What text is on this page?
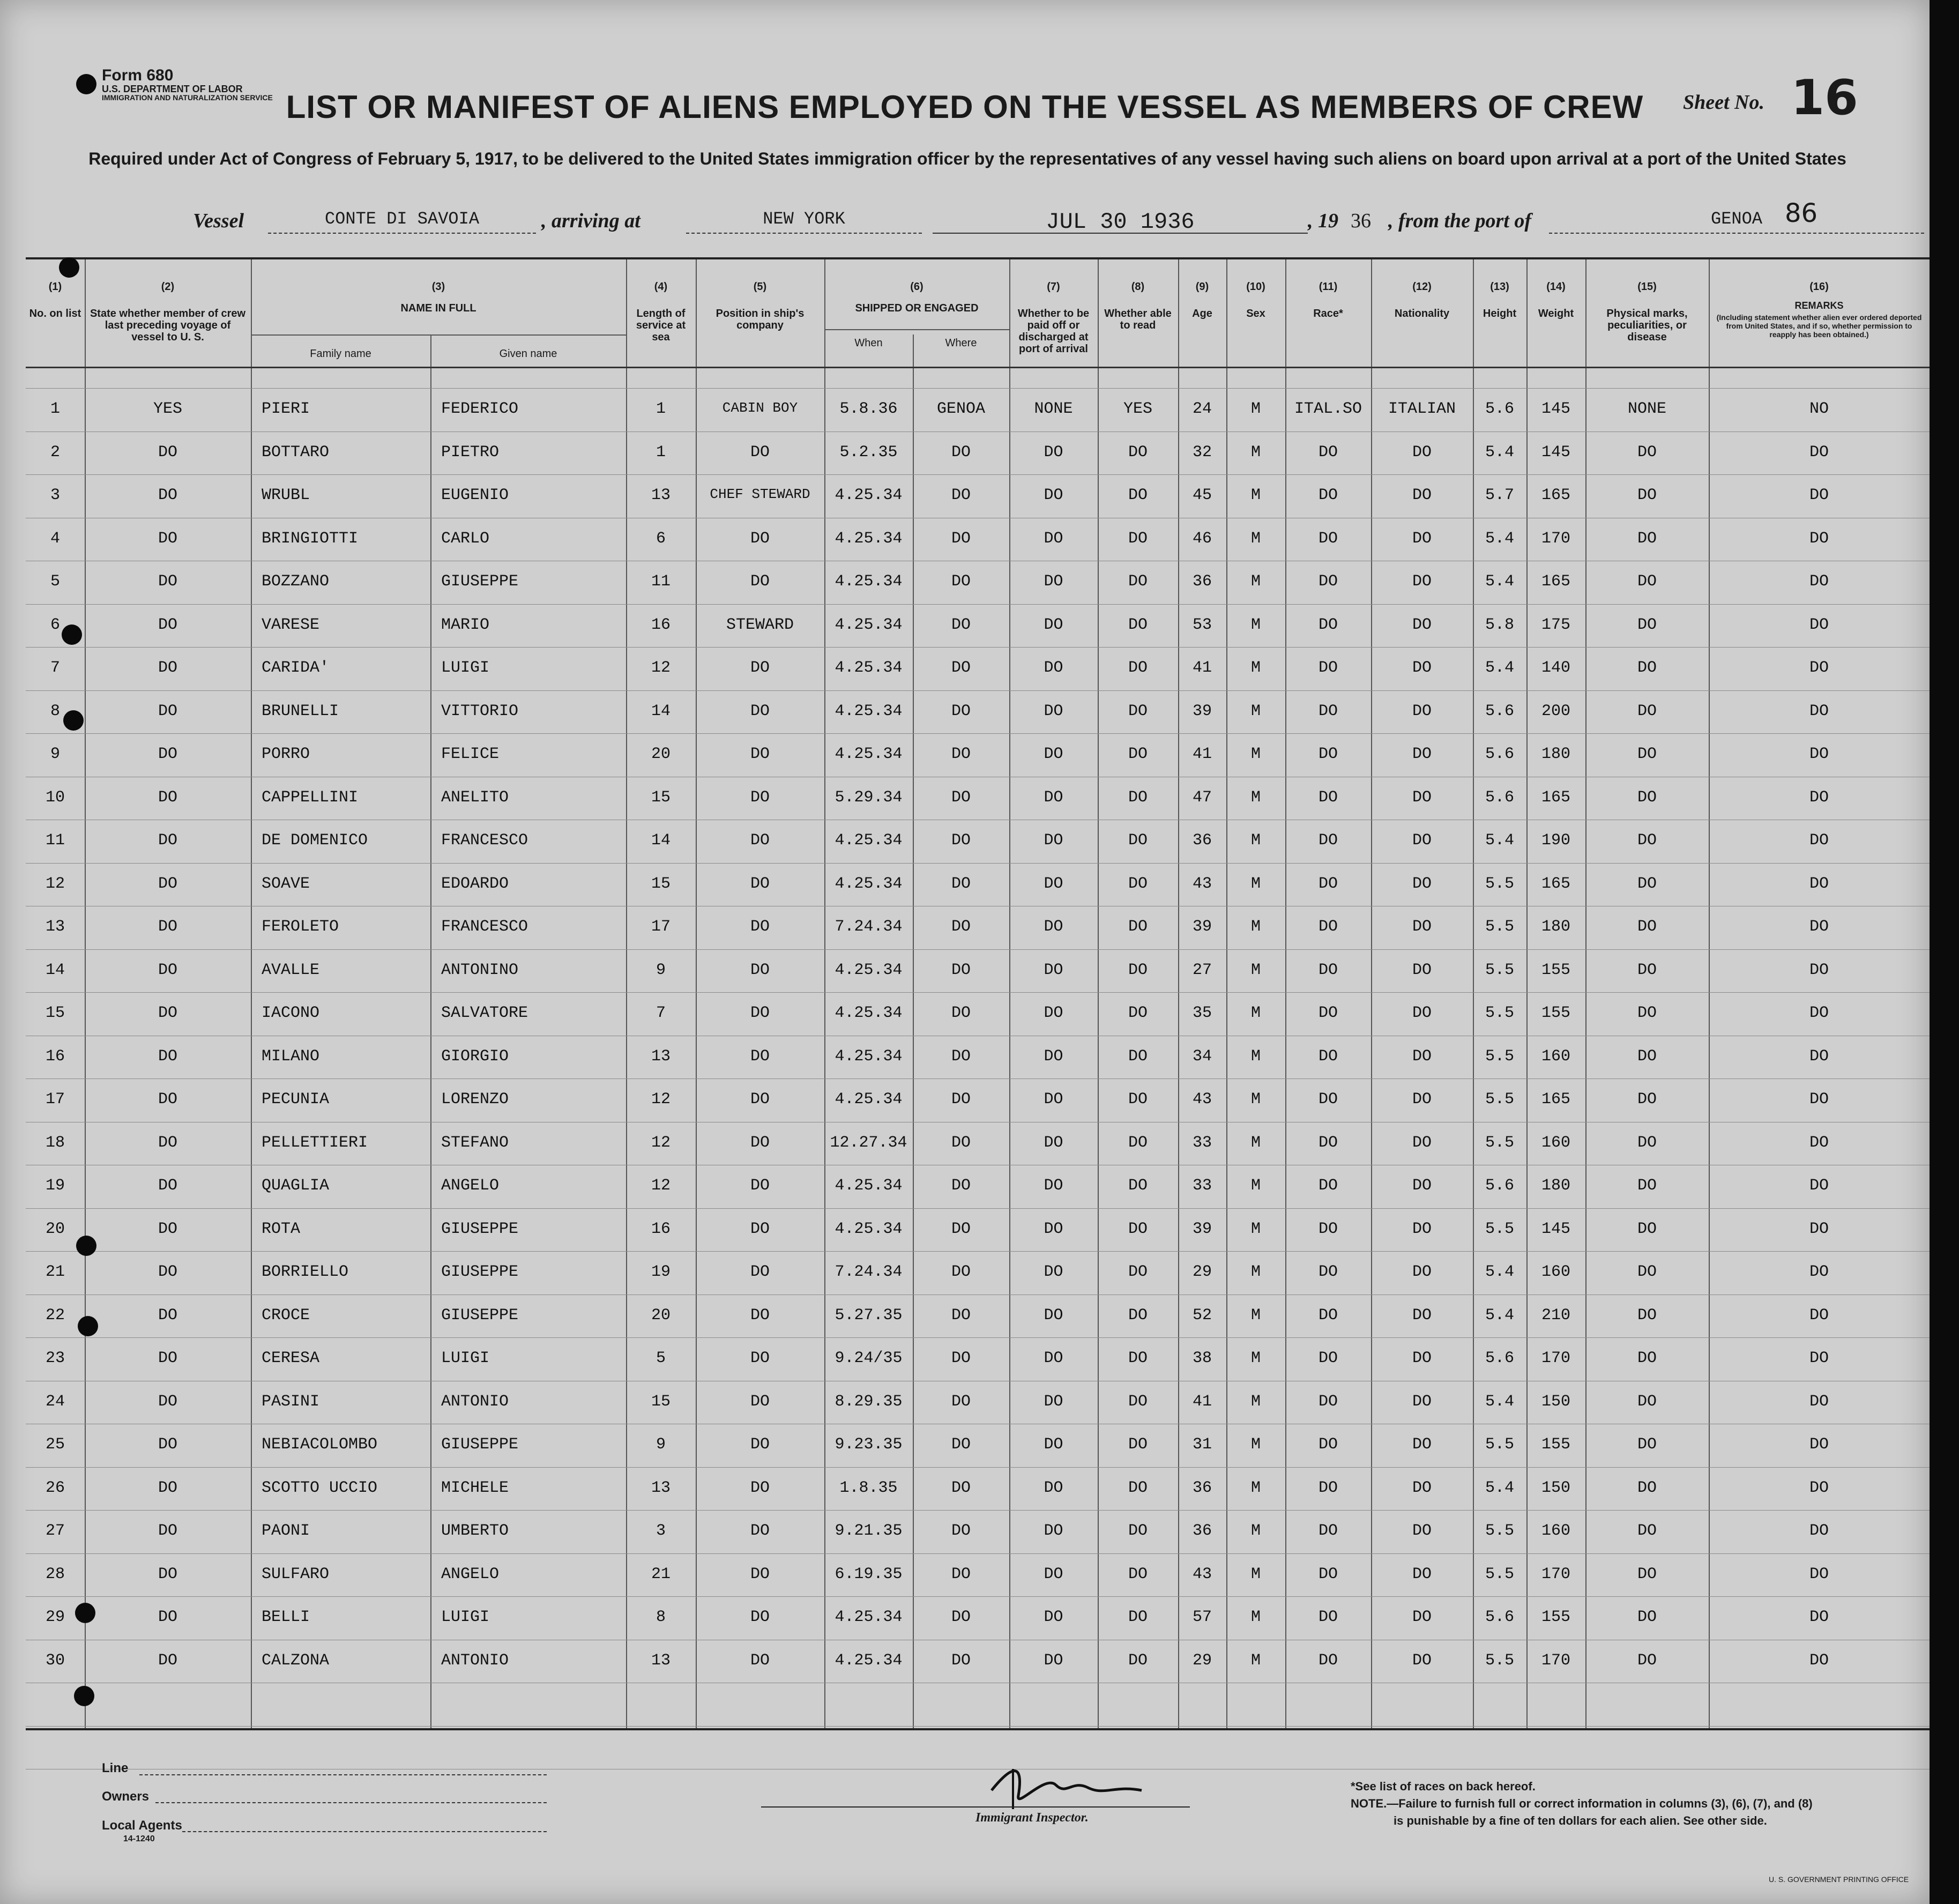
Form 680
U.S. DEPARTMENT OF LABOR
IMMIGRATION AND NATURALIZATION SERVICE	Sheet No. 16
LIST OR MANIFEST OF ALIENS EMPLOYED ON THE VESSEL AS MEMBERS OF CREW
Required under Act of Congress of February 5, 1917, to be delivered to the United States immigration officer by the representatives of any vessel having such aliens on board upon arrival at a port of the United States
Vessel	CONTE DI SAVOIA	, arriving at	NEW YORK	JUL 30 1936	, 19 36 , from the port of	GENOA 86
(1)
No. on list
(2)
State whether member of crew last preceding voyage of vessel to U. S.
(3)
NAME IN FULL
(4)
Length of service at sea
(5)
Position in ship's company
(6)
SHIPPED OR ENGAGED
(7)
Whether to be paid off or discharged at port of arrival
(8)
Whether able to read
(9)
Age
(10)
Sex
(11)
Race*
(12)
Nationality
(13)
Height
(14)
Weight
(15)
Physical marks, peculiarities, or disease
(16)
REMARKS
(Including statement whether alien ever ordered deported from United States, and if so, whether permission to reapply has been obtained.)
Family name	Given name
When	Where
1	YES	PIERI	FEDERICO	1	CABIN BOY	5.8.36	GENOA	NONE	YES	24	M	ITAL.SO	ITALIAN	5.6	145	NONE	NO
2	DO	BOTTARO	PIETRO	1	DO	5.2.35	DO	DO	DO	32	M	DO	DO	5.4	145	DO	DO
3	DO	WRUBL	EUGENIO	13	CHEF STEWARD	4.25.34	DO	DO	DO	45	M	DO	DO	5.7	165	DO	DO
4	DO	BRINGIOTTI	CARLO	6	DO	4.25.34	DO	DO	DO	46	M	DO	DO	5.4	170	DO	DO
5	DO	BOZZANO	GIUSEPPE	11	DO	4.25.34	DO	DO	DO	36	M	DO	DO	5.4	165	DO	DO
6	DO	VARESE	MARIO	16	STEWARD	4.25.34	DO	DO	DO	53	M	DO	DO	5.8	175	DO	DO
7	DO	CARIDA'	LUIGI	12	DO	4.25.34	DO	DO	DO	41	M	DO	DO	5.4	140	DO	DO
8	DO	BRUNELLI	VITTORIO	14	DO	4.25.34	DO	DO	DO	39	M	DO	DO	5.6	200	DO	DO
9	DO	PORRO	FELICE	20	DO	4.25.34	DO	DO	DO	41	M	DO	DO	5.6	180	DO	DO
10	DO	CAPPELLINI	ANELITO	15	DO	5.29.34	DO	DO	DO	47	M	DO	DO	5.6	165	DO	DO
11	DO	DE DOMENICO	FRANCESCO	14	DO	4.25.34	DO	DO	DO	36	M	DO	DO	5.4	190	DO	DO
12	DO	SOAVE	EDOARDO	15	DO	4.25.34	DO	DO	DO	43	M	DO	DO	5.5	165	DO	DO
13	DO	FEROLETO	FRANCESCO	17	DO	7.24.34	DO	DO	DO	39	M	DO	DO	5.5	180	DO	DO
14	DO	AVALLE	ANTONINO	9	DO	4.25.34	DO	DO	DO	27	M	DO	DO	5.5	155	DO	DO
15	DO	IACONO	SALVATORE	7	DO	4.25.34	DO	DO	DO	35	M	DO	DO	5.5	155	DO	DO
16	DO	MILANO	GIORGIO	13	DO	4.25.34	DO	DO	DO	34	M	DO	DO	5.5	160	DO	DO
17	DO	PECUNIA	LORENZO	12	DO	4.25.34	DO	DO	DO	43	M	DO	DO	5.5	165	DO	DO
18	DO	PELLETTIERI	STEFANO	12	DO	12.27.34	DO	DO	DO	33	M	DO	DO	5.5	160	DO	DO
19	DO	QUAGLIA	ANGELO	12	DO	4.25.34	DO	DO	DO	33	M	DO	DO	5.6	180	DO	DO
20	DO	ROTA	GIUSEPPE	16	DO	4.25.34	DO	DO	DO	39	M	DO	DO	5.5	145	DO	DO
21	DO	BORRIELLO	GIUSEPPE	19	DO	7.24.34	DO	DO	DO	29	M	DO	DO	5.4	160	DO	DO
22	DO	CROCE	GIUSEPPE	20	DO	5.27.35	DO	DO	DO	52	M	DO	DO	5.4	210	DO	DO
23	DO	CERESA	LUIGI	5	DO	9.24/35	DO	DO	DO	38	M	DO	DO	5.6	170	DO	DO
24	DO	PASINI	ANTONIO	15	DO	8.29.35	DO	DO	DO	41	M	DO	DO	5.4	150	DO	DO
25	DO	NEBIACOLOMBO	GIUSEPPE	9	DO	9.23.35	DO	DO	DO	31	M	DO	DO	5.5	155	DO	DO
26	DO	SCOTTO UCCIO	MICHELE	13	DO	1.8.35	DO	DO	DO	36	M	DO	DO	5.4	150	DO	DO
27	DO	PAONI	UMBERTO	3	DO	9.21.35	DO	DO	DO	36	M	DO	DO	5.5	160	DO	DO
28	DO	SULFARO	ANGELO	21	DO	6.19.35	DO	DO	DO	43	M	DO	DO	5.5	170	DO	DO
29	DO	BELLI	LUIGI	8	DO	4.25.34	DO	DO	DO	57	M	DO	DO	5.6	155	DO	DO
30	DO	CALZONA	ANTONIO	13	DO	4.25.34	DO	DO	DO	29	M	DO	DO	5.5	170	DO	DO
Line
Owners
Local Agents
14-1240
Immigrant Inspector.
*See list of races on back hereof.
NOTE.—Failure to furnish full or correct information in columns (3), (6), (7), and (8)
is punishable by a fine of ten dollars for each alien. See other side.
U. S. GOVERNMENT PRINTING OFFICE
